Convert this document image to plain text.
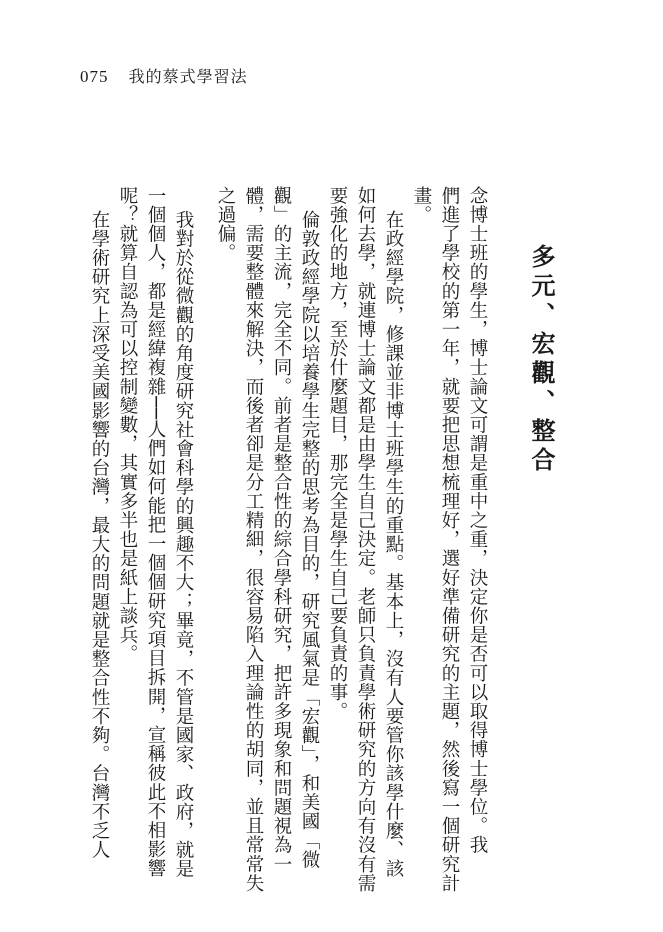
075 我的蔡式學習法
多元、宏觀、整合
念博士班的學生，博士論文可謂是重中之重，決定你是否可以取得博士學位。我
們進了學校的第一年，就要把思想梳理好，選好準備研究的主題，然後寫一個研究計
畫。
在政經學院，修課並非博士班學生的重點。基本上，沒有人要管你該學什麼、該
如何去學，就連博士論文都是由學生自己決定。老師只負責學術研究的方向有沒有需
要強化的地方，至於什麼題目，那完全是學生自己要負責的事。
倫敦政經學院以培養學生完整的思考為目的，研究風氣是「宏觀」，和美國「微
觀」的主流，完全不同。前者是整合性的綜合學科研究，把許多現象和問題視為一
體，需要整體來解決，而後者卻是分工精細，很容易陷入理論性的胡同，並且常常失
之過偏。
我對於從微觀的角度研究社會科學的興趣不大；畢竟，不管是國家、政府，就是
一個個人，都是經緯複雜──人們如何能把一個個研究項目拆開，宣稱彼此不相影響
呢？就算自認為可以控制變數，其實多半也是紙上談兵。
在學術研究上深受美國影響的台灣，最大的問題就是整合性不夠。台灣不乏人
